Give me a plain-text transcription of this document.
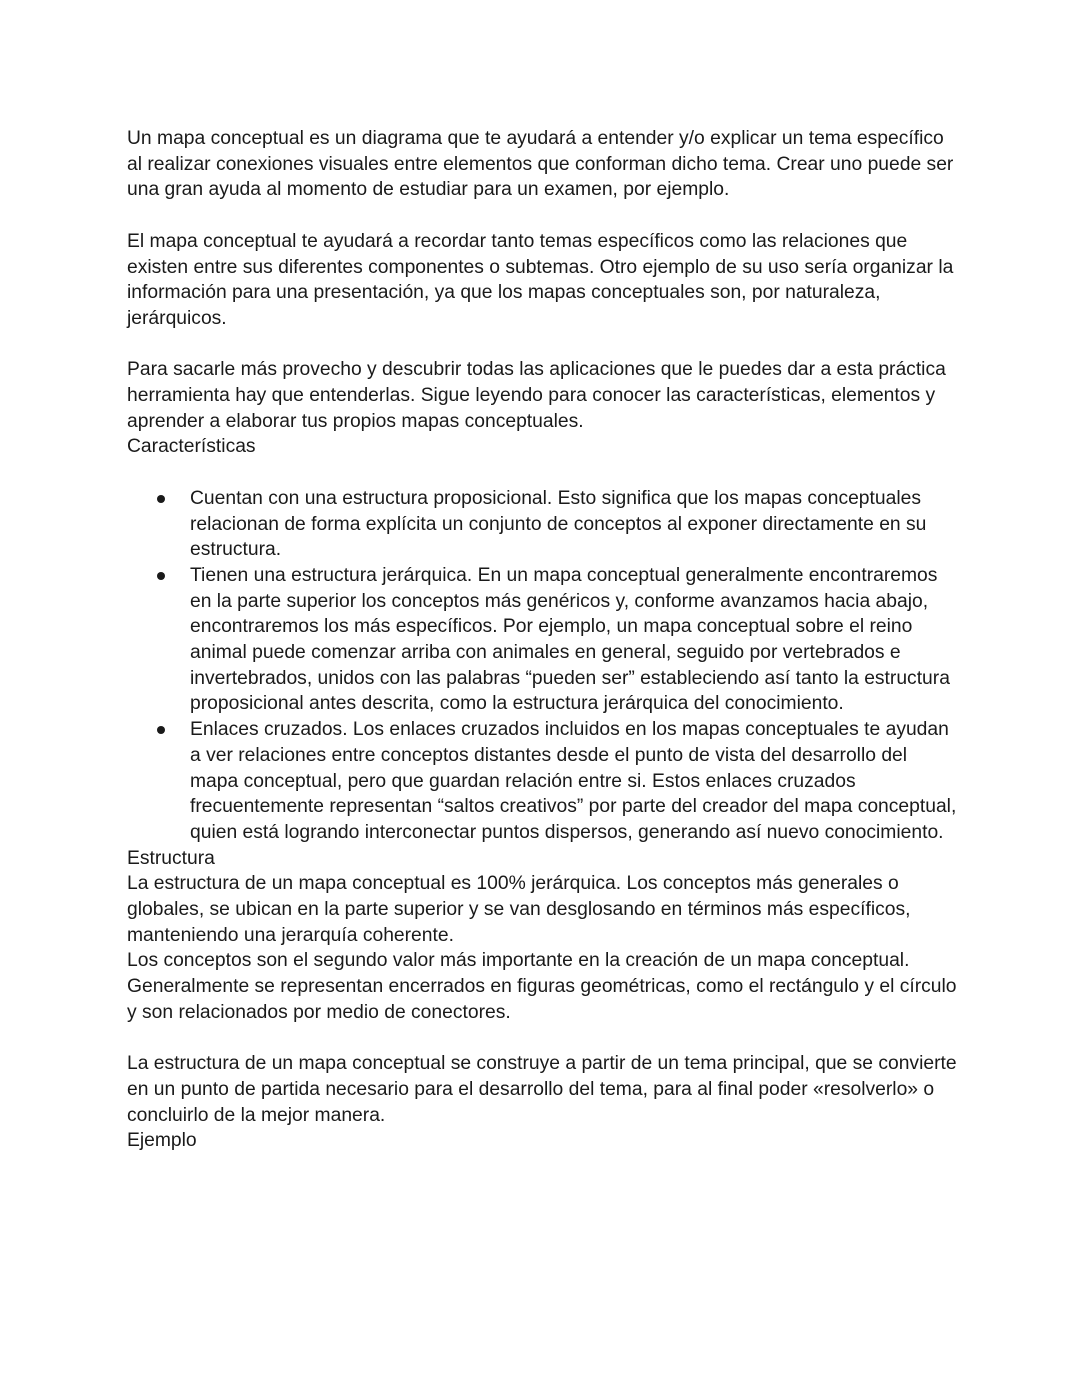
Un mapa conceptual es un diagrama que te ayudará a entender y/o explicar un tema específico al realizar conexiones visuales entre elementos que conforman dicho tema. Crear uno puede ser una gran ayuda al momento de estudiar para un examen, por ejemplo.

El mapa conceptual te ayudará a recordar tanto temas específicos como las relaciones que existen entre sus diferentes componentes o subtemas. Otro ejemplo de su uso sería organizar la información para una presentación, ya que los mapas conceptuales son, por naturaleza, jerárquicos.

Para sacarle más provecho y descubrir todas las aplicaciones que le puedes dar a esta práctica herramienta hay que entenderlas. Sigue leyendo para conocer las características, elementos y aprender a elaborar tus propios mapas conceptuales.

Características

Cuentan con una estructura proposicional. Esto significa que los mapas conceptuales relacionan de forma explícita un conjunto de conceptos al exponer directamente en su estructura.
Tienen una estructura jerárquica. En un mapa conceptual generalmente encontraremos en la parte superior los conceptos más genéricos y, conforme avanzamos hacia abajo, encontraremos los más específicos. Por ejemplo, un mapa conceptual sobre el reino animal puede comenzar arriba con animales en general, seguido por vertebrados e invertebrados, unidos con las palabras “pueden ser” estableciendo así tanto la estructura proposicional antes descrita, como la estructura jerárquica del conocimiento.
Enlaces cruzados. Los enlaces cruzados incluidos en los mapas conceptuales te ayudan a ver relaciones entre conceptos distantes desde el punto de vista del desarrollo del mapa conceptual, pero que guardan relación entre si. Estos enlaces cruzados frecuentemente representan “saltos creativos” por parte del creador del mapa conceptual, quien está logrando interconectar puntos dispersos, generando así nuevo conocimiento.

Estructura

La estructura de un mapa conceptual es 100% jerárquica. Los conceptos más generales o globales, se ubican en la parte superior y se van desglosando en términos más específicos, manteniendo una jerarquía coherente.

Los conceptos son el segundo valor más importante en la creación de un mapa conceptual. Generalmente se representan encerrados en figuras geométricas, como el rectángulo y el círculo y son relacionados por medio de conectores.

La estructura de un mapa conceptual se construye a partir de un tema principal, que se convierte en un punto de partida necesario para el desarrollo del tema, para al final poder «resolverlo» o concluirlo de la mejor manera.

Ejemplo
